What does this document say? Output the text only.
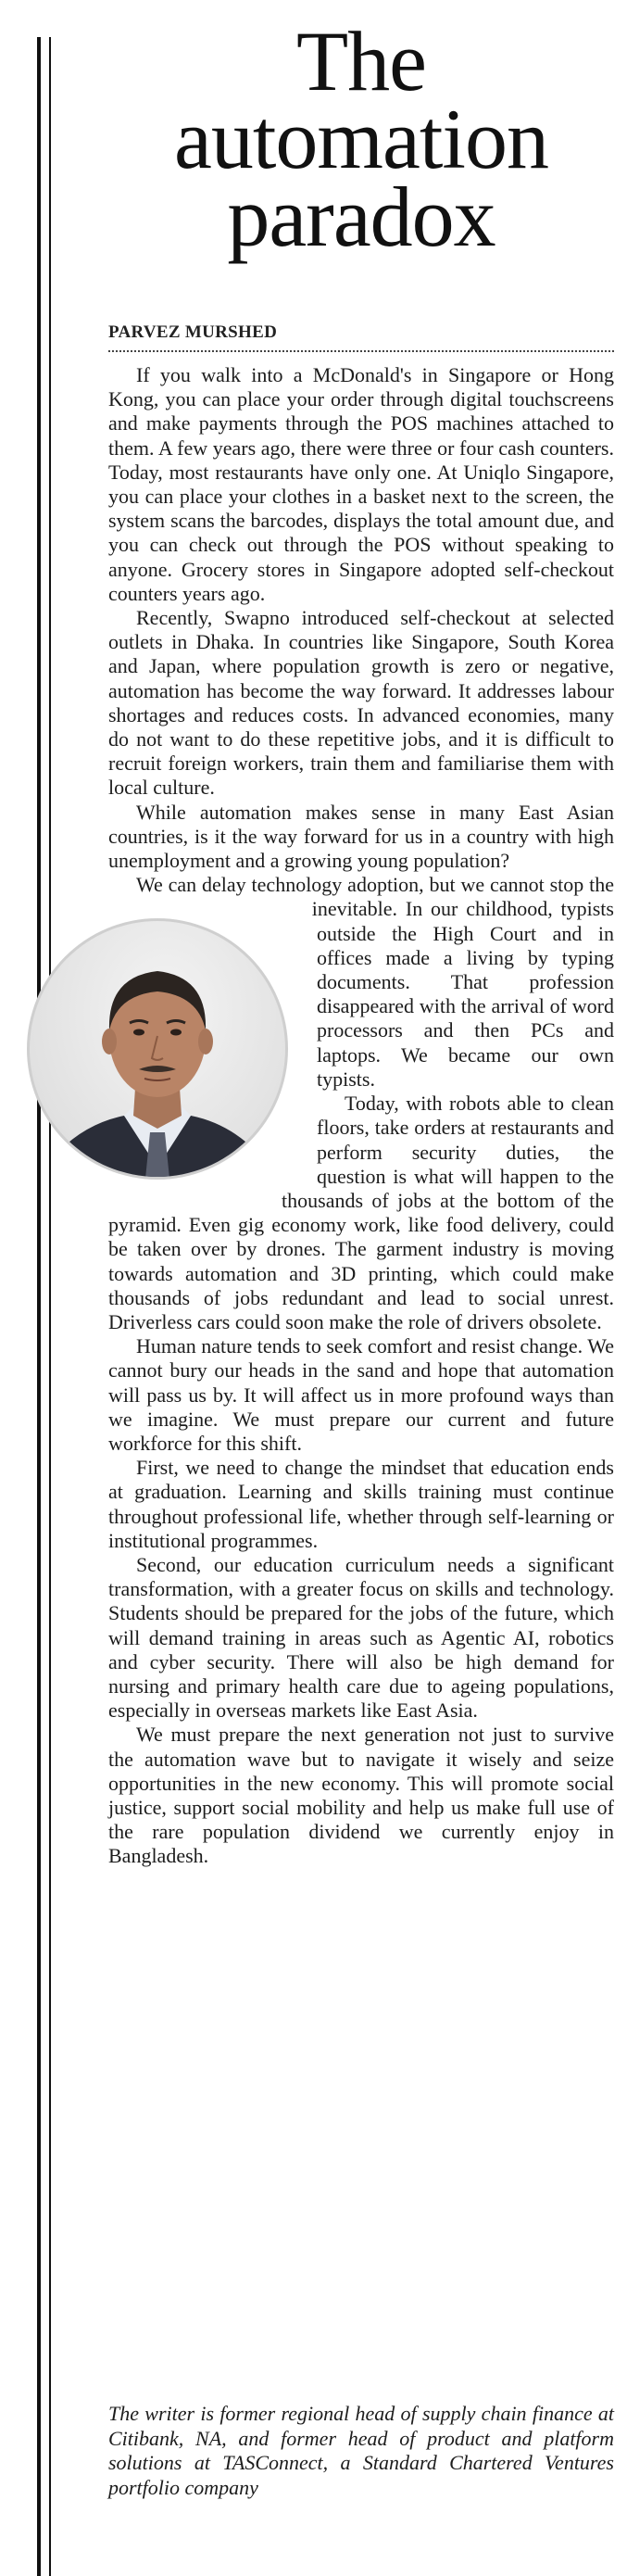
The
automation
paradox
PARVEZ MURSHED

If you walk into a McDonald's in Singapore or Hong Kong, you can place your order through digital touchscreens and make payments through the POS machines attached to them. A few years ago, there were three or four cash counters. Today, most restaurants have only one. At Uniqlo Singapore, you can place your clothes in a basket next to the screen, the system scans the barcodes, displays the total amount due, and you can check out through the POS without speaking to anyone. Grocery stores in Singapore adopted self-checkout counters years ago.

Recently, Swapno introduced self-checkout at selected outlets in Dhaka. In countries like Singapore, South Korea and Japan, where population growth is zero or negative, automation has become the way forward. It addresses labour shortages and reduces costs. In advanced economies, many do not want to do these repetitive jobs, and it is difficult to recruit foreign workers, train them and familiarise them with local culture.

While automation makes sense in many East Asian countries, is it the way forward for us in a country with high unemployment and a growing young population?

We can delay technology adoption, but we cannot stop the inevitable. In our childhood, typists outside the High Court and in offices made a living by typing documents. That profession disappeared with the arrival of word processors and then PCs and laptops. We became our own typists.

Today, with robots able to clean floors, take orders at restaurants and perform security duties, the question is what will happen to the thousands of jobs at the bottom of the pyramid. Even gig economy work, like food delivery, could be taken over by drones. The garment industry is moving towards automation and 3D printing, which could make thousands of jobs redundant and lead to social unrest. Driverless cars could soon make the role of drivers obsolete.

Human nature tends to seek comfort and resist change. We cannot bury our heads in the sand and hope that automation will pass us by. It will affect us in more profound ways than we imagine. We must prepare our current and future workforce for this shift.

First, we need to change the mindset that education ends at graduation. Learning and skills training must continue throughout professional life, whether through self-learning or institutional programmes.

Second, our education curriculum needs a significant transformation, with a greater focus on skills and technology. Students should be prepared for the jobs of the future, which will demand training in areas such as Agentic AI, robotics and cyber security. There will also be high demand for nursing and primary health care due to ageing populations, especially in overseas markets like East Asia.

We must prepare the next generation not just to survive the automation wave but to navigate it wisely and seize opportunities in the new economy. This will promote social justice, support social mobility and help us make full use of the rare population dividend we currently enjoy in Bangladesh.

The writer is former regional head of supply chain finance at Citibank, NA, and former head of product and platform solutions at TASConnect, a Standard Chartered Ventures portfolio company
